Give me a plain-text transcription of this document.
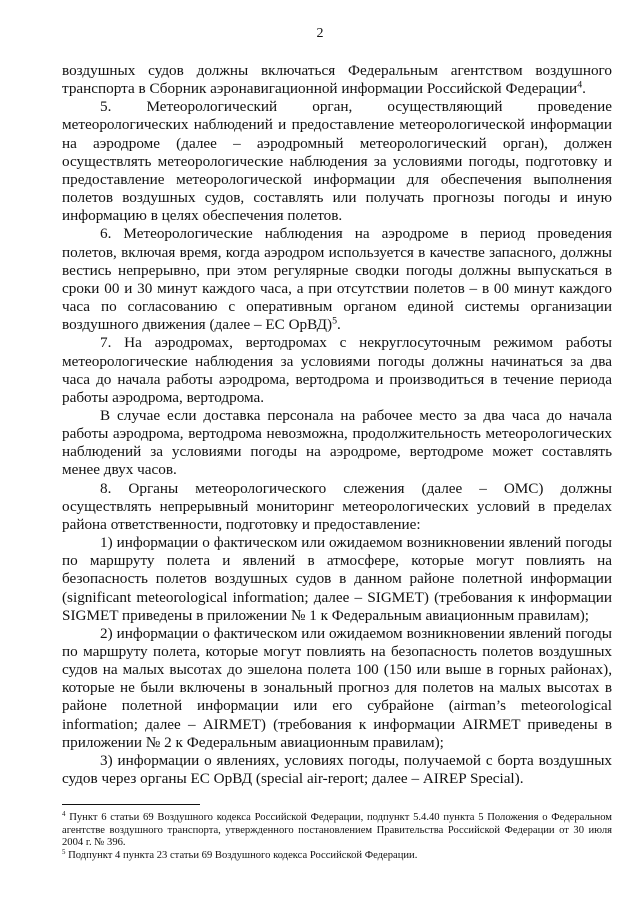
2

воздушных судов должны включаться Федеральным агентством воздушного транспорта в Сборник аэронавигационной информации Российской Федерации$^4$.

5. Метеорологический орган, осуществляющий проведение метеорологических наблюдений и предоставление метеорологической информации на аэродроме (далее – аэродромный метеорологический орган), должен осуществлять метеорологические наблюдения за условиями погоды, подготовку и предоставление метеорологической информации для обеспечения выполнения полетов воздушных судов, составлять или получать прогнозы погоды и иную информацию в целях обеспечения полетов.

6. Метеорологические наблюдения на аэродроме в период проведения полетов, включая время, когда аэродром используется в качестве запасного, должны вестись непрерывно, при этом регулярные сводки погоды должны выпускаться в сроки 00 и 30 минут каждого часа, а при отсутствии полетов – в 00 минут каждого часа по согласованию с оперативным органом единой системы организации воздушного движения (далее – ЕС ОрВД)$^5$.

7. На аэродромах, вертодромах с некруглосуточным режимом работы метеорологические наблюдения за условиями погоды должны начинаться за два часа до начала работы аэродрома, вертодрома и производиться в течение периода работы аэродрома, вертодрома.

В случае если доставка персонала на рабочее место за два часа до начала работы аэродрома, вертодрома невозможна, продолжительность метеорологических наблюдений за условиями погоды на аэродроме, вертодроме может составлять менее двух часов.

8. Органы метеорологического слежения (далее – ОМС) должны осуществлять непрерывный мониторинг метеорологических условий в пределах района ответственности, подготовку и предоставление:

1) информации о фактическом или ожидаемом возникновении явлений погоды по маршруту полета и явлений в атмосфере, которые могут повлиять на безопасность полетов воздушных судов в данном районе полетной информации (significant meteorological information; далее – SIGMET) (требования к информации SIGMET приведены в приложении № 1 к Федеральным авиационным правилам);

2) информации о фактическом или ожидаемом возникновении явлений погоды по маршруту полета, которые могут повлиять на безопасность полетов воздушных судов на малых высотах до эшелона полета 100 (150 или выше в горных районах), которые не были включены в зональный прогноз для полетов на малых высотах в районе полетной информации или его субрайоне (airman’s meteorological information; далее – AIRMET) (требования к информации AIRMET приведены в приложении № 2 к Федеральным авиационным правилам);

3) информации о явлениях, условиях погоды, получаемой с борта воздушных судов через органы ЕС ОрВД (special air-report; далее – AIREP Special).

$^4$ Пункт 6 статьи 69 Воздушного кодекса Российской Федерации, подпункт 5.4.40 пункта 5 Положения о Федеральном агентстве воздушного транспорта, утвержденного постановлением Правительства Российской Федерации от 30 июля 2004 г. № 396.

$^5$ Подпункт 4 пункта 23 статьи 69 Воздушного кодекса Российской Федерации.
